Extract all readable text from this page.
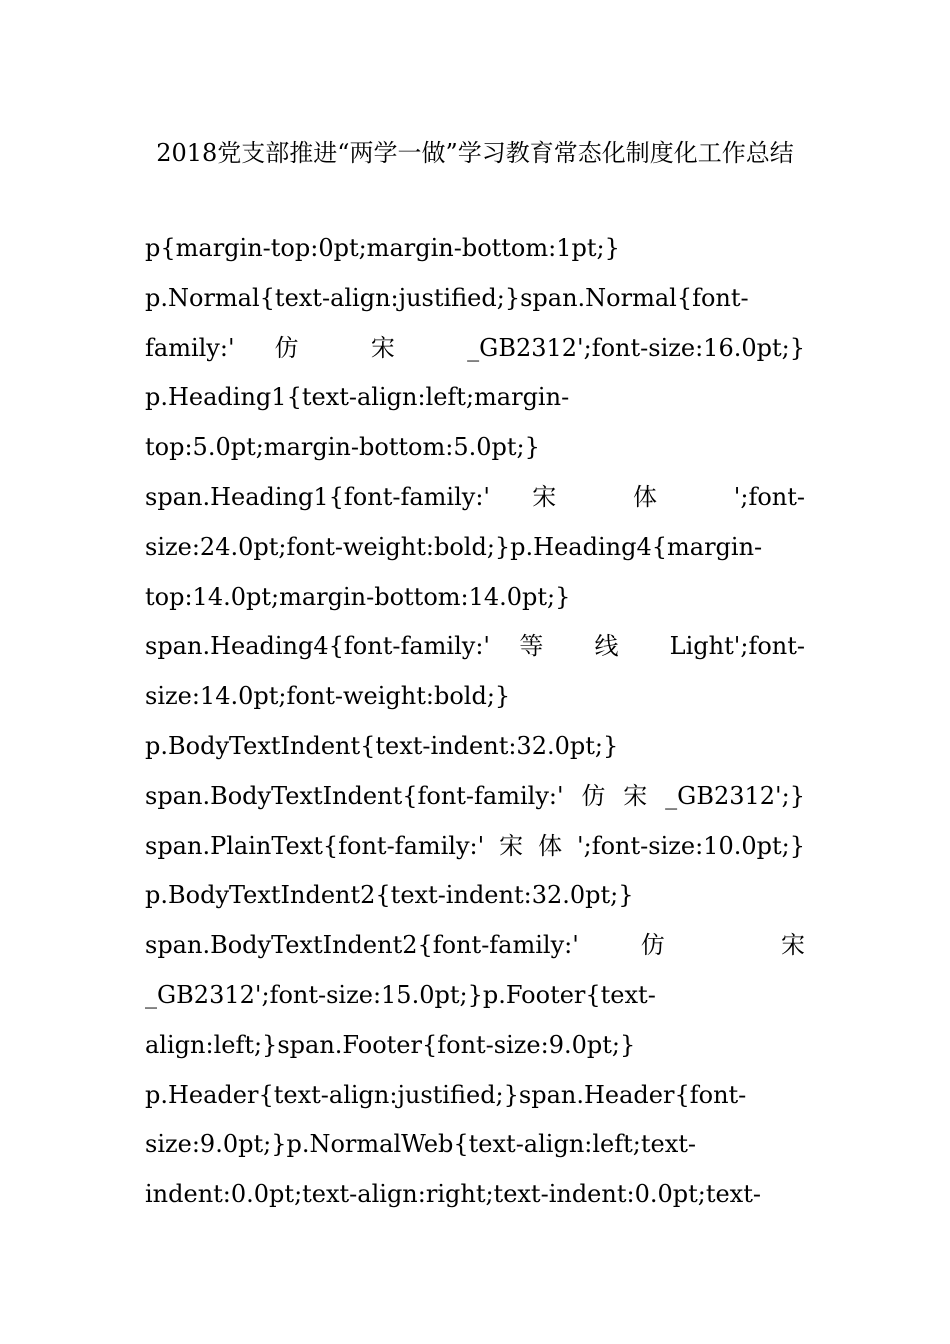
2018党支部推进“两学一做”学习教育常态化制度化工作总结
p{margin-top:0pt;margin-bottom:1pt;}
p.Normal{text-align:justified;}span.Normal{font-
family:' 仿 宋 _GB2312';font-size:16.0pt;}
p.Heading1{text-align:left;margin-
top:5.0pt;margin-bottom:5.0pt;}
span.Heading1{font-family:' 宋 体 ';font-
size:24.0pt;font-weight:bold;}p.Heading4{margin-
top:14.0pt;margin-bottom:14.0pt;}
span.Heading4{font-family:' 等 线 Light';font-
size:14.0pt;font-weight:bold;}
p.BodyTextIndent{text-indent:32.0pt;}
span.BodyTextIndent{font-family:'仿宋_GB2312';}
span.PlainText{font-family:'宋体';font-size:10.0pt;}
p.BodyTextIndent2{text-indent:32.0pt;}
span.BodyTextIndent2{font-family:' 仿 宋
_GB2312';font-size:15.0pt;}p.Footer{text-
align:left;}span.Footer{font-size:9.0pt;}
p.Header{text-align:justified;}span.Header{font-
size:9.0pt;}p.NormalWeb{text-align:left;text-
indent:0.0pt;text-align:right;text-indent:0.0pt;text-
